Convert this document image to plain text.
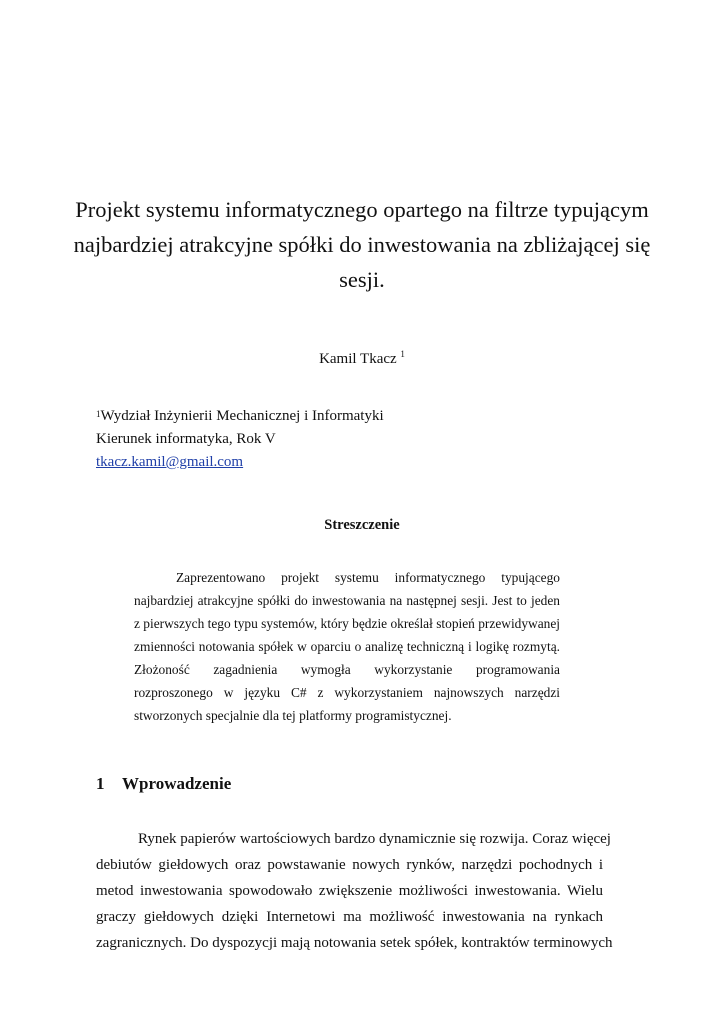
Projekt systemu informatycznego opartego na filtrze typującym
najbardziej atrakcyjne spółki do inwestowania na zbliżającej się
sesji.
Kamil Tkacz $^1$
$^1$Wydział Inżynierii Mechanicznej i Informatyki
Kierunek informatyka, Rok V
tkacz.kamil@gmail.com
Streszczenie
Zaprezentowano projekt systemu informatycznego typującego
najbardziej atrakcyjne spółki do inwestowania na następnej sesji. Jest to jeden
z pierwszych tego typu systemów, który będzie określał stopień przewidywanej
zmienności notowania spółek w oparciu o analizę techniczną i logikę rozmytą.
Złożoność zagadnienia wymogła wykorzystanie programowania
rozproszonego w języku C# z wykorzystaniem najnowszych narzędzi
stworzonych specjalnie dla tej platformy programistycznej.
1 Wprowadzenie
Rynek papierów wartościowych bardzo dynamicznie się rozwija. Coraz więcej
debiutów giełdowych oraz powstawanie nowych rynków, narzędzi pochodnych i
metod inwestowania spowodowało zwiększenie możliwości inwestowania. Wielu
graczy giełdowych dzięki Internetowi ma możliwość inwestowania na rynkach
zagranicznych. Do dyspozycji mają notowania setek spółek, kontraktów terminowych
